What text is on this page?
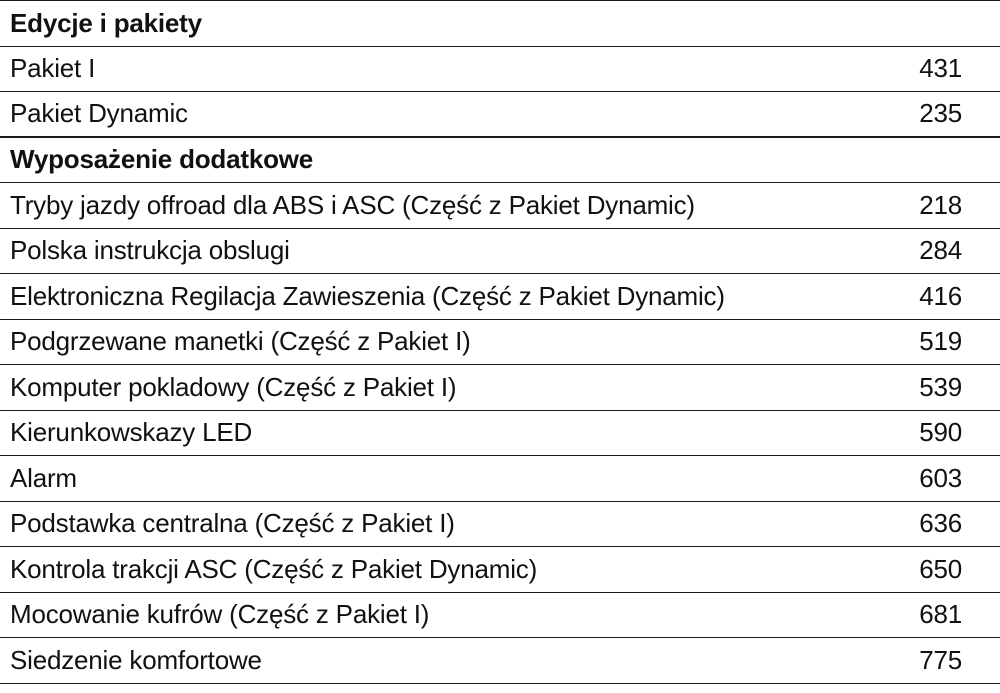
Edycje i pakiety
Pakiet I	431
Pakiet Dynamic	235
Wyposażenie dodatkowe
Tryby jazdy offroad dla ABS i ASC (Część z Pakiet Dynamic)	218
Polska instrukcja obslugi	284
Elektroniczna Regilacja Zawieszenia (Część z Pakiet Dynamic)	416
Podgrzewane manetki (Część z Pakiet I)	519
Komputer pokladowy (Część z Pakiet I)	539
Kierunkowskazy LED	590
Alarm	603
Podstawka centralna (Część z Pakiet I)	636
Kontrola trakcji ASC (Część z Pakiet Dynamic)	650
Mocowanie kufrów (Część z Pakiet I)	681
Siedzenie komfortowe	775
